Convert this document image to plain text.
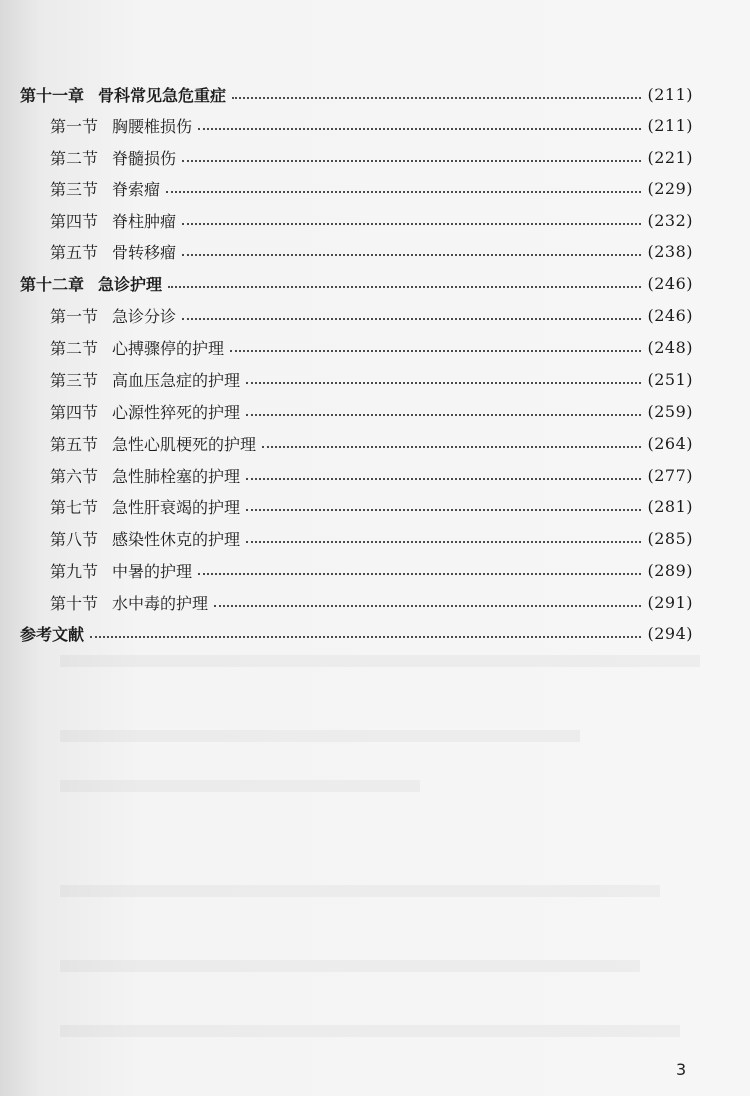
第十一章 骨科常见急危重症	(211)
第一节 胸腰椎损伤	(211)
第二节 脊髓损伤	(221)
第三节 脊索瘤	(229)
第四节 脊柱肿瘤	(232)
第五节 骨转移瘤	(238)
第十二章 急诊护理	(246)
第一节 急诊分诊	(246)
第二节 心搏骤停的护理	(248)
第三节 高血压急症的护理	(251)
第四节 心源性猝死的护理	(259)
第五节 急性心肌梗死的护理	(264)
第六节 急性肺栓塞的护理	(277)
第七节 急性肝衰竭的护理	(281)
第八节 感染性休克的护理	(285)
第九节 中暑的护理	(289)
第十节 水中毒的护理	(291)
参考文献	(294)
3
